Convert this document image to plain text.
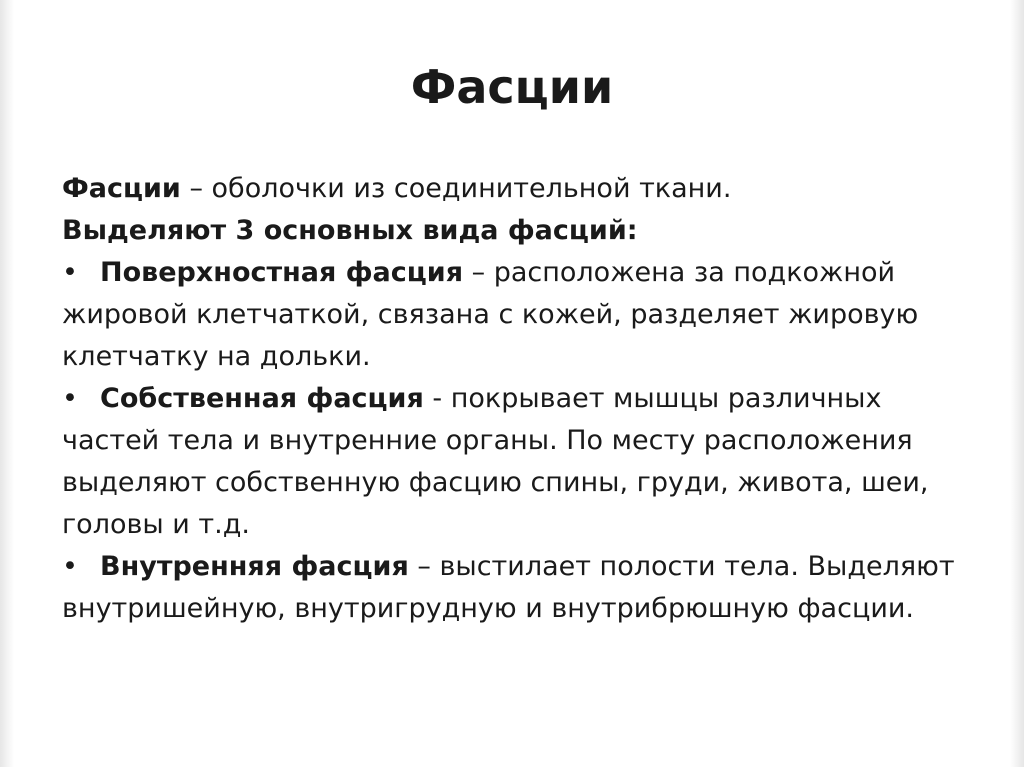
Фасции

Фасции – оболочки из соединительной ткани.

Выделяют 3 основных вида фасций:

• Поверхностная фасция – расположена за подкожной жировой клетчаткой, связана с кожей, разделяет жировую клетчатку на дольки.

• Собственная фасция - покрывает мышцы различных частей тела и внутренние органы. По месту расположения выделяют собственную фасцию спины, груди, живота, шеи, головы и т.д.

• Внутренняя фасция – выстилает полости тела. Выделяют внутришейную, внутригрудную и внутрибрюшную фасции.
